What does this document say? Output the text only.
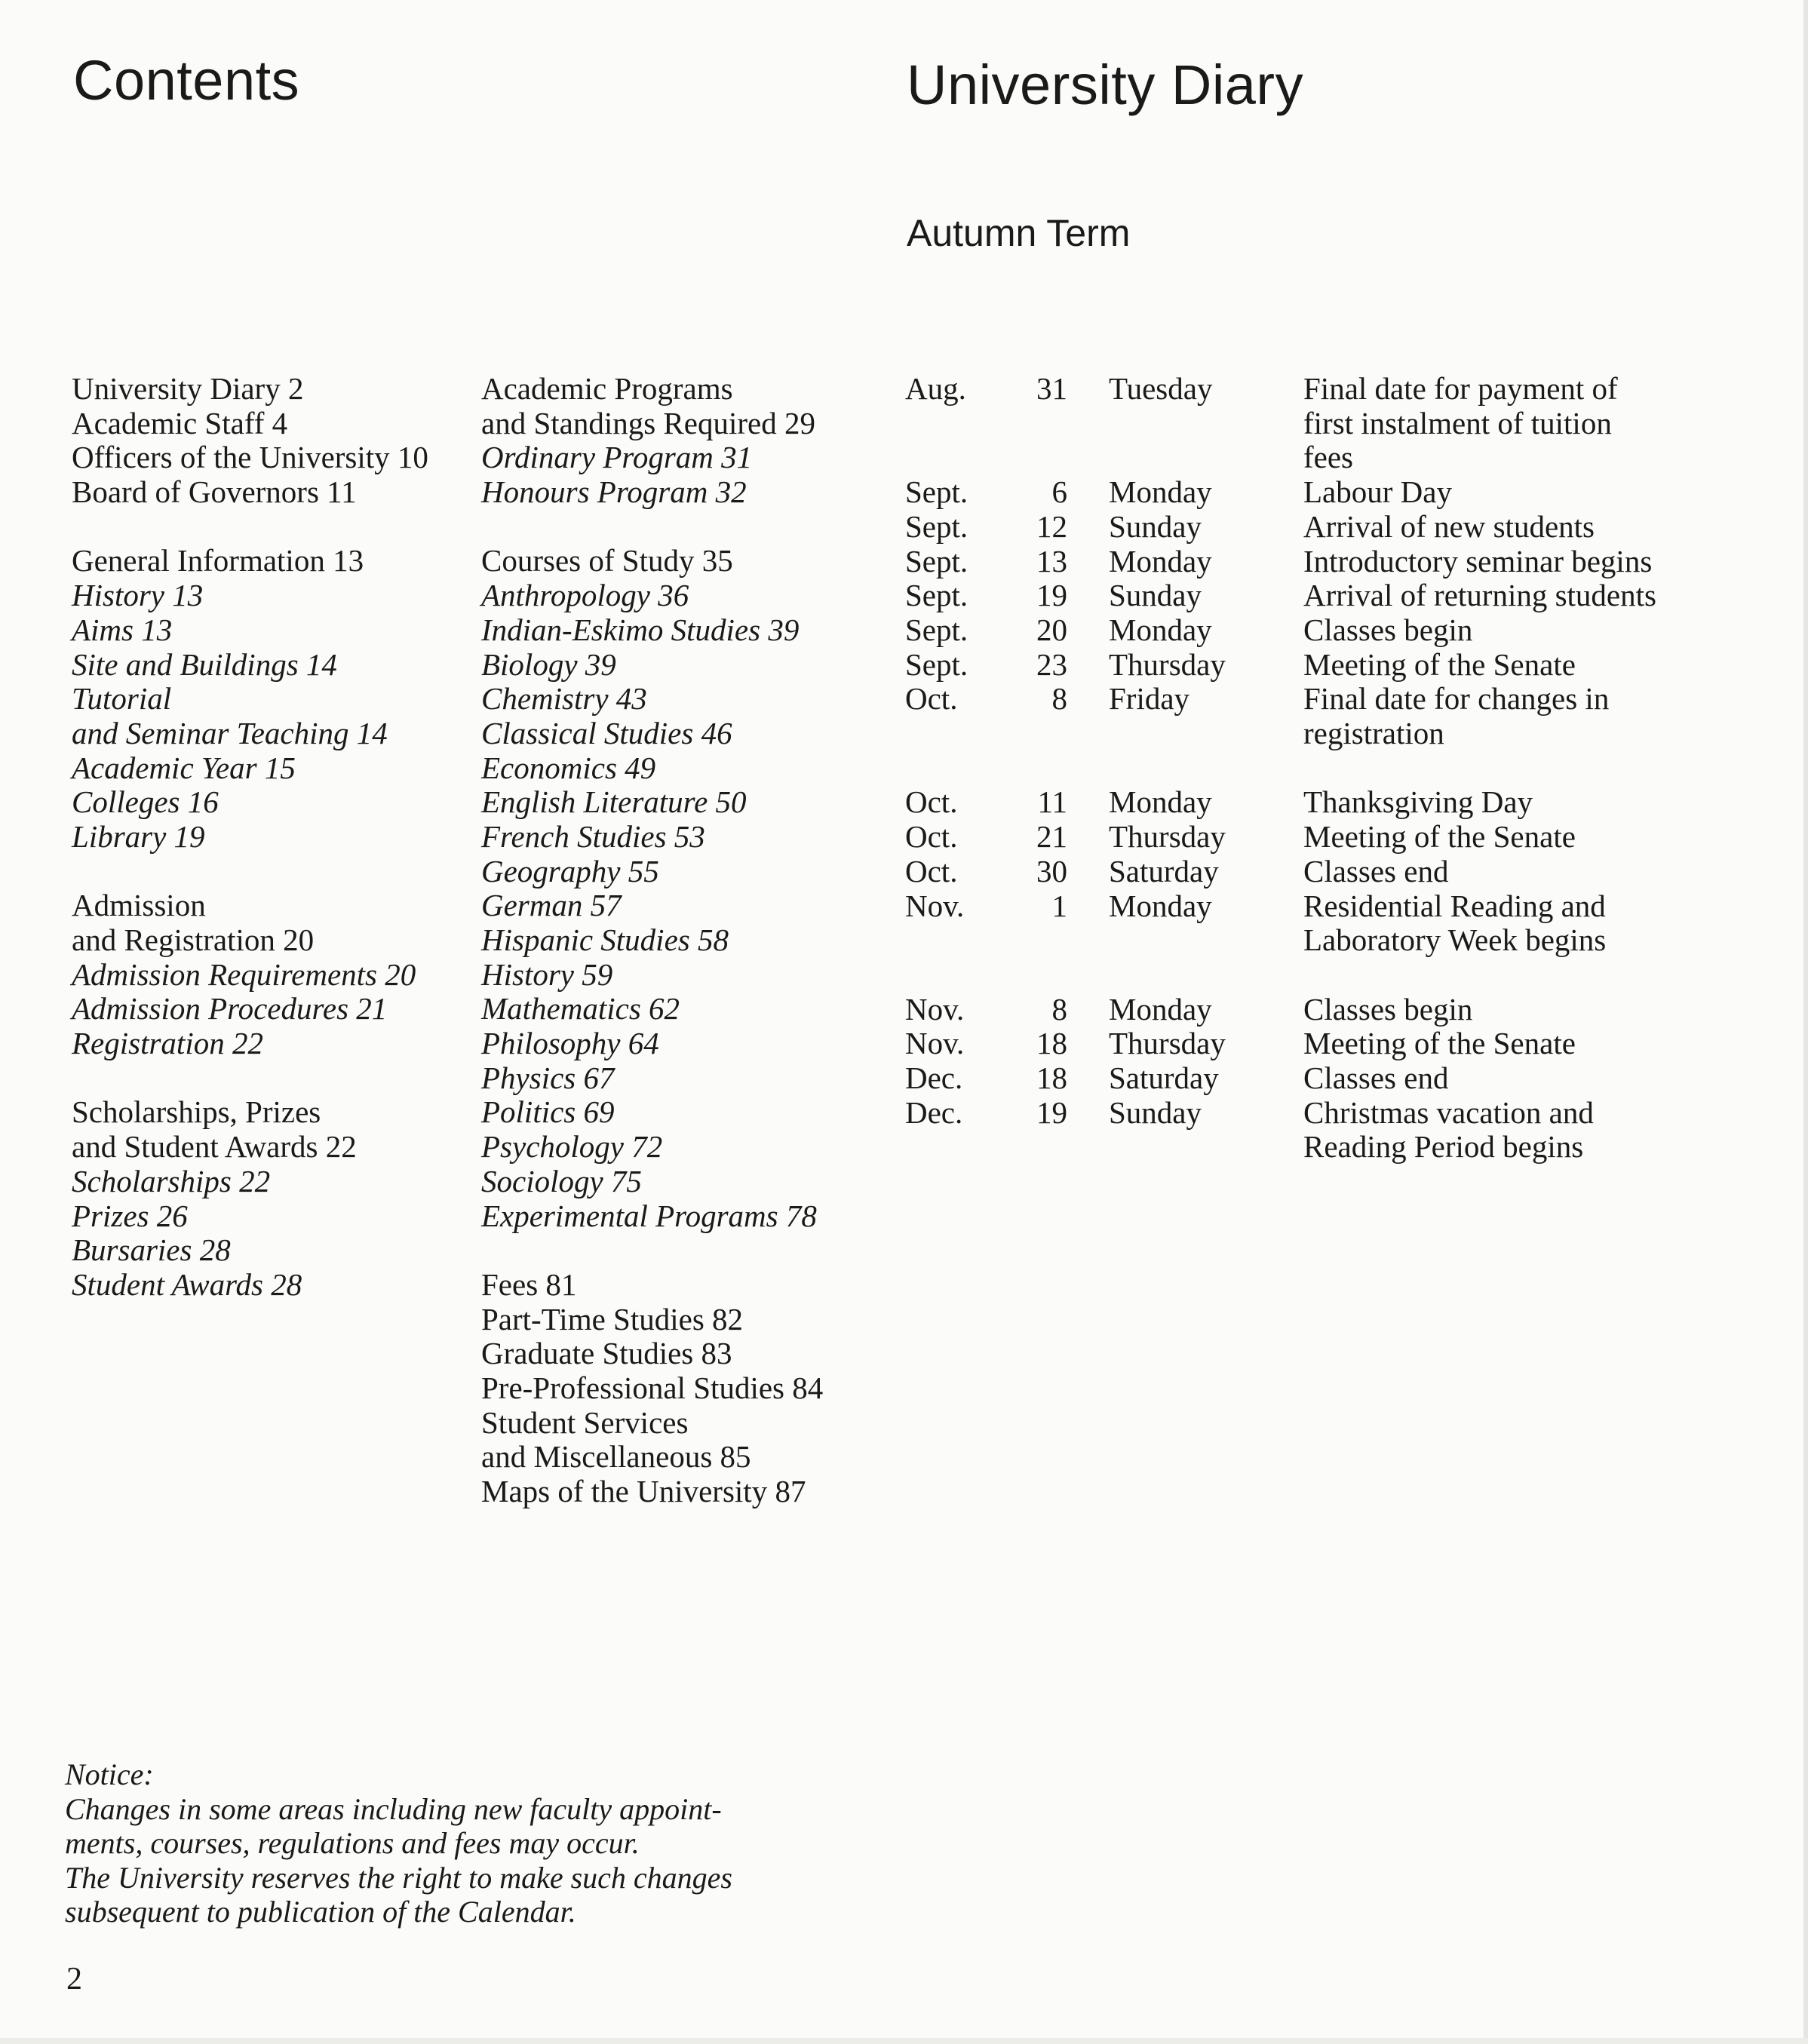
Contents	University Diary
Autumn Term
University Diary 2
Academic Staff 4
Officers of the University 10
Board of Governors 11
General Information 13
History 13
Aims 13
Site and Buildings 14
Tutorial
and Seminar Teaching 14
Academic Year 15
Colleges 16
Library 19
Admission
and Registration 20
Admission Requirements 20
Admission Procedures 21
Registration 22
Scholarships, Prizes
and Student Awards 22
Scholarships 22
Prizes 26
Bursaries 28
Student Awards 28
Academic Programs
and Standings Required 29
Ordinary Program 31
Honours Program 32
Courses of Study 35
Anthropology 36
Indian-Eskimo Studies 39
Biology 39
Chemistry 43
Classical Studies 46
Economics 49
English Literature 50
French Studies 53
Geography 55
German 57
Hispanic Studies 58
History 59
Mathematics 62
Philosophy 64
Physics 67
Politics 69
Psychology 72
Sociology 75
Experimental Programs 78
Fees 81
Part-Time Studies 82
Graduate Studies 83
Pre-Professional Studies 84
Student Services
and Miscellaneous 85
Maps of the University 87
Aug.	31 Tuesday	Final date for payment of first instalment of tuition fees
Sept.	6 Monday	Labour Day
Sept.	12 Sunday	Arrival of new students
Sept.	13 Monday	Introductory seminar begins
Sept.	19 Sunday	Arrival of returning students
Sept.	20 Monday	Classes begin
Sept.	23 Thursday	Meeting of the Senate
Oct.	8 Friday	Final date for changes in registration
Oct.	11 Monday	Thanksgiving Day
Oct.	21 Thursday	Meeting of the Senate
Oct.	30 Saturday	Classes end
Nov.	1 Monday	Residential Reading and Laboratory Week begins
Nov.	8 Monday	Classes begin
Nov.	18 Thursday	Meeting of the Senate
Dec.	18 Saturday	Classes end
Dec.	19 Sunday	Christmas vacation and Reading Period begins
Notice:
Changes in some areas including new faculty appoint-
ments, courses, regulations and fees may occur.
The University reserves the right to make such changes
subsequent to publication of the Calendar.
2
